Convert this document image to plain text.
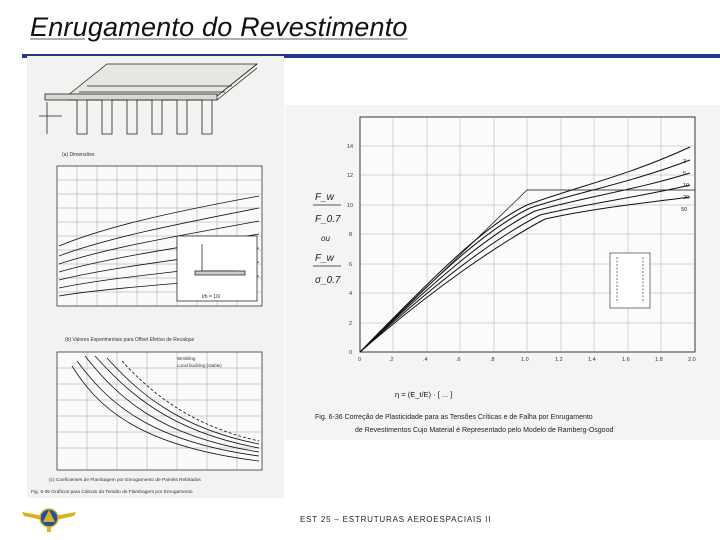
Enrugamento do Revestimento
(a) Dimensões
t/b = 10/
(b) Valores Experimentais para Offset Efetivo de Recalque
Wrinkling
Local buckling (stable)
(c) Coeficientes de Flambagem por Enrugamento de Painéis Rebitados
Fig. 6-35 Gráficos para Cálculo da Tensão de Flambagem por Enrugamento
F_w
F_0.7
ou
F_w
σ_0.7
0
2
4
6
8
10
12
14
0	.2	.4	.6	.8	1.0	1.2	1.4	1.6	1.8	2.0
3
5
10
20
50
η = (E_t/E) · [ ... ]
Fig. 6-36 Correção de Plasticidade para as Tensões Críticas e de Falha por Enrugamento
de Revestimentos Cujo Material é Representado pelo Modelo de Ramberg-Osgood
EST 25 – ESTRUTURAS AEROESPACIAIS II
